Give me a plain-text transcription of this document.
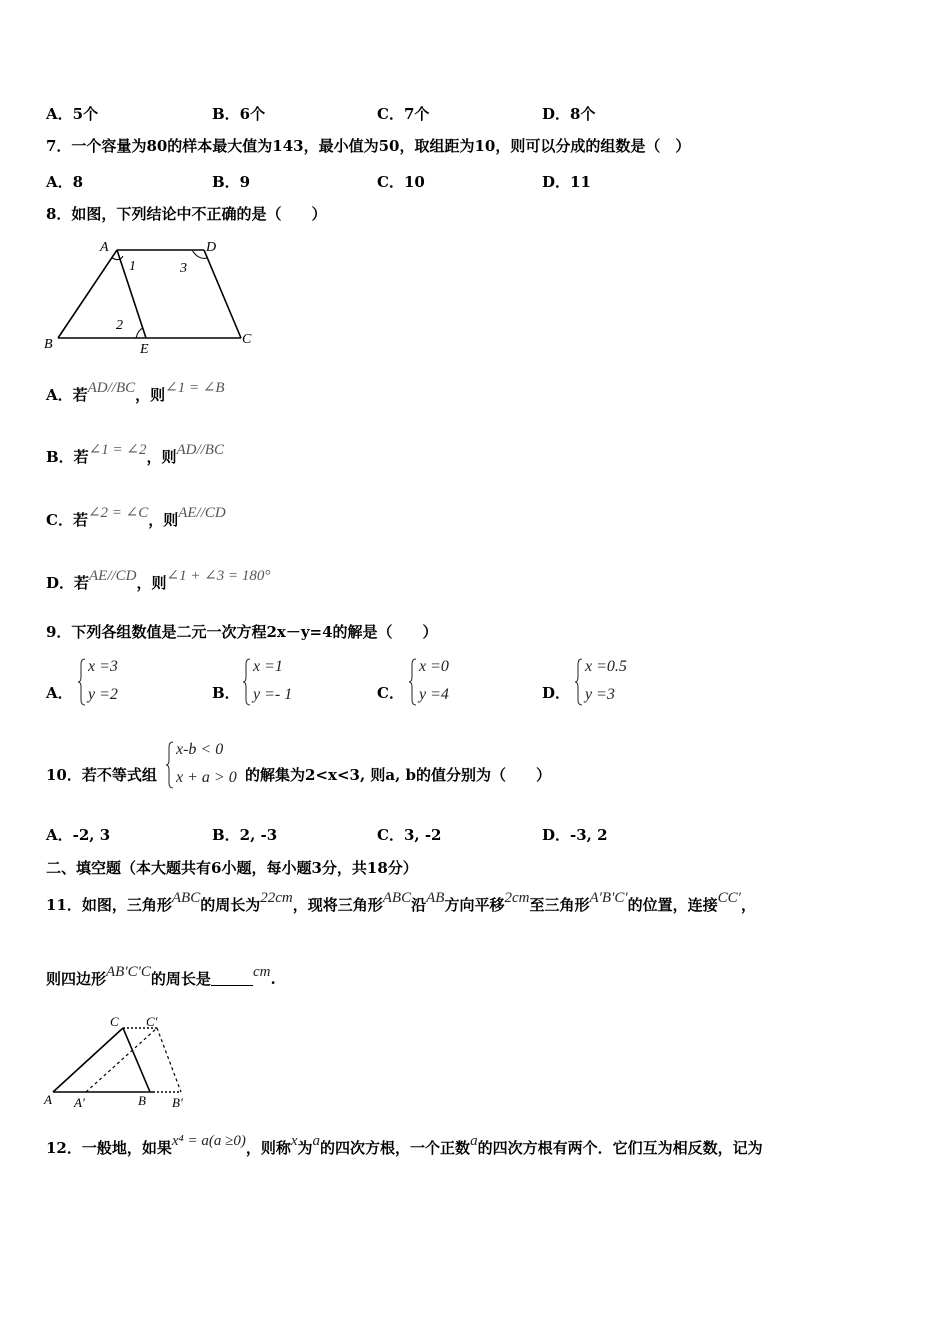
A．5个	B．6个	C．7个	D．8个
7．一个容量为80的样本最大值为143，最小值为50，取组距为10，则可以分成的组数是（　）
A．8	B．9	C．10	D．11
8．如图，下列结论中不正确的是（　　）
A	D
1	3
2
B	E
C
A．若AD//BC，则∠1 = ∠B
B．若∠1 = ∠2，则AD//BC
C．若∠2 = ∠C，则AE//CD
D．若AE//CD，则∠1 + ∠3 = 180°
9．下列各组数值是二元一次方程2x－y=4的解是（　　）
A．
x =3
y =2	B．
x =1
y =- 1	C．
x =0
y =4	D．
x =0.5
y =3
10．若不等式组
x-b < 0
x + a > 0 的解集为2<x<3, 则a, b的值分别为（　　）
A．-2, 3	B．2, -3	C．3, -2	D．-3, 2
二、填空题（本大题共有6小题，每小题3分，共18分）
11．如图，三角形ABC的周长为22cm，现将三角形ABC沿AB方向平移2cm至三角形A′B′C′的位置，连接CC′，
则四边形AB′C′C的周长是	cm.
C C′
A A′	B B′
12．一般地，如果x⁴ = a(a ≥0)，则称x为a的四次方根，一个正数a的四次方根有两个．它们互为相反数，记为
